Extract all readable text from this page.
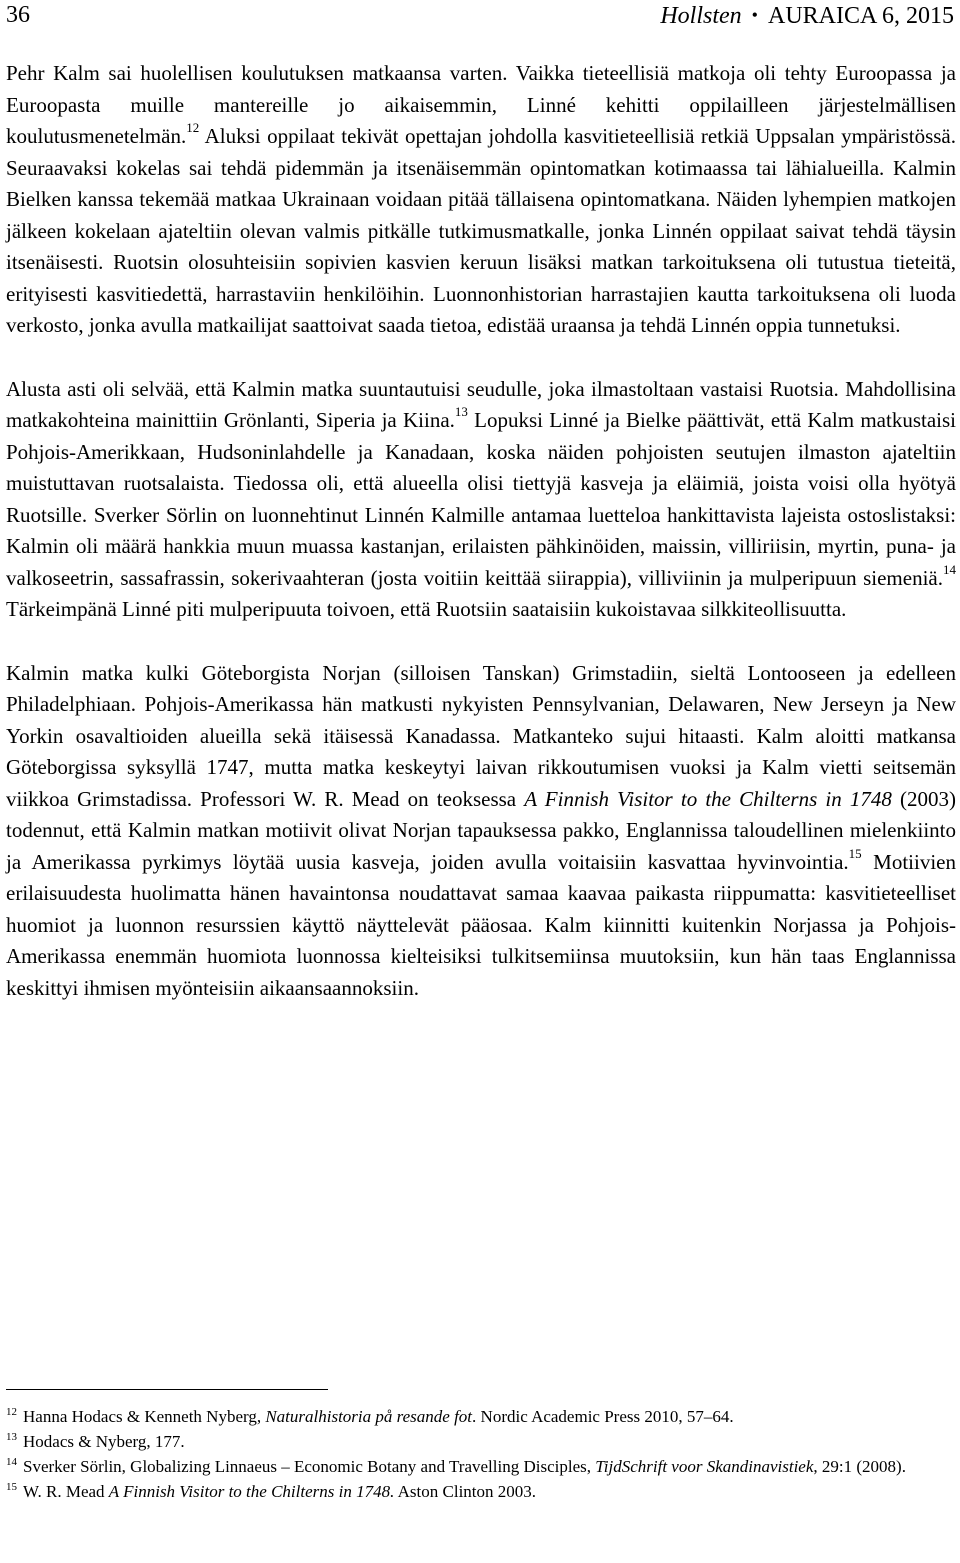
36	Hollsten • AURAICA 6, 2015

Pehr Kalm sai huolellisen koulutuksen matkaansa varten. Vaikka tieteellisiä matkoja oli tehty Euroopassa ja Euroopasta muille mantereille jo aikaisemmin, Linné kehitti oppilailleen järjestelmällisen koulutusmenetelmän.$^{12}$ Aluksi oppilaat tekivät opettajan johdolla kasvitieteellisiä retkiä Uppsalan ympäristössä. Seuraavaksi kokelas sai tehdä pidemmän ja itsenäisemmän opintomatkan kotimaassa tai lähialueilla. Kalmin Bielken kanssa tekemää matkaa Ukrainaan voidaan pitää tällaisena opintomatkana. Näiden lyhempien matkojen jälkeen kokelaan ajateltiin olevan valmis pitkälle tutkimusmatkalle, jonka Linnén oppilaat saivat tehdä täysin itsenäisesti. Ruotsin olosuhteisiin sopivien kasvien keruun lisäksi matkan tarkoituksena oli tutustua tieteitä, erityisesti kasvitiedettä, harrastaviin henkilöihin. Luonnonhistorian harrastajien kautta tarkoituksena oli luoda verkosto, jonka avulla matkailijat saattoivat saada tietoa, edistää uraansa ja tehdä Linnén oppia tunnetuksi.

Alusta asti oli selvää, että Kalmin matka suuntautuisi seudulle, joka ilmastoltaan vastaisi Ruotsia. Mahdollisina matkakohteina mainittiin Grönlanti, Siperia ja Kiina.$^{13}$ Lopuksi Linné ja Bielke päättivät, että Kalm matkustaisi Pohjois-Amerikkaan, Hudsoninlahdelle ja Kanadaan, koska näiden pohjoisten seutujen ilmaston ajateltiin muistuttavan ruotsalaista. Tiedossa oli, että alueella olisi tiettyjä kasveja ja eläimiä, joista voisi olla hyötyä Ruotsille. Sverker Sörlin on luonnehtinut Linnén Kalmille antamaa luetteloa hankittavista lajeista ostoslistaksi: Kalmin oli määrä hankkia muun muassa kastanjan, erilaisten pähkinöiden, maissin, villiriisin, myrtin, puna- ja valkoseetrin, sassafrassin, sokerivaahteran (josta voitiin keittää siirappia), villiviinin ja mulperipuun siemeniä.$^{14}$ Tärkeimpänä Linné piti mulperipuuta toivoen, että Ruotsiin saataisiin kukoistavaa silkkiteollisuutta.

Kalmin matka kulki Göteborgista Norjan (silloisen Tanskan) Grimstadiin, sieltä Lontooseen ja edelleen Philadelphiaan. Pohjois-Amerikassa hän matkusti nykyisten Pennsylvanian, Delawaren, New Jerseyn ja New Yorkin osavaltioiden alueilla sekä itäisessä Kanadassa. Matkanteko sujui hitaasti. Kalm aloitti matkansa Göteborgissa syksyllä 1747, mutta matka keskeytyi laivan rikkoutumisen vuoksi ja Kalm vietti seitsemän viikkoa Grimstadissa. Professori W. R. Mead on teoksessa A Finnish Visitor to the Chilterns in 1748 (2003) todennut, että Kalmin matkan motiivit olivat Norjan tapauksessa pakko, Englannissa taloudellinen mielenkiinto ja Amerikassa pyrkimys löytää uusia kasveja, joiden avulla voitaisiin kasvattaa hyvinvointia.$^{15}$ Motiivien erilaisuudesta huolimatta hänen havaintonsa noudattavat samaa kaavaa paikasta riippumatta: kasvitieteelliset huomiot ja luonnon resurssien käyttö näyttelevät pääosaa. Kalm kiinnitti kuitenkin Norjassa ja Pohjois-Amerikassa enemmän huomiota luonnossa kielteisiksi tulkitsemiinsa muutoksiin, kun hän taas Englannissa keskittyi ihmisen myönteisiin aikaansaannoksiin.

$^{12}$ Hanna Hodacs & Kenneth Nyberg, Naturalhistoria på resande fot. Nordic Academic Press 2010, 57–64.

$^{13}$ Hodacs & Nyberg, 177.

$^{14}$ Sverker Sörlin, Globalizing Linnaeus – Economic Botany and Travelling Disciples, TijdSchrift voor Skandinavistiek, 29:1 (2008).

$^{15}$ W. R. Mead A Finnish Visitor to the Chilterns in 1748. Aston Clinton 2003.
